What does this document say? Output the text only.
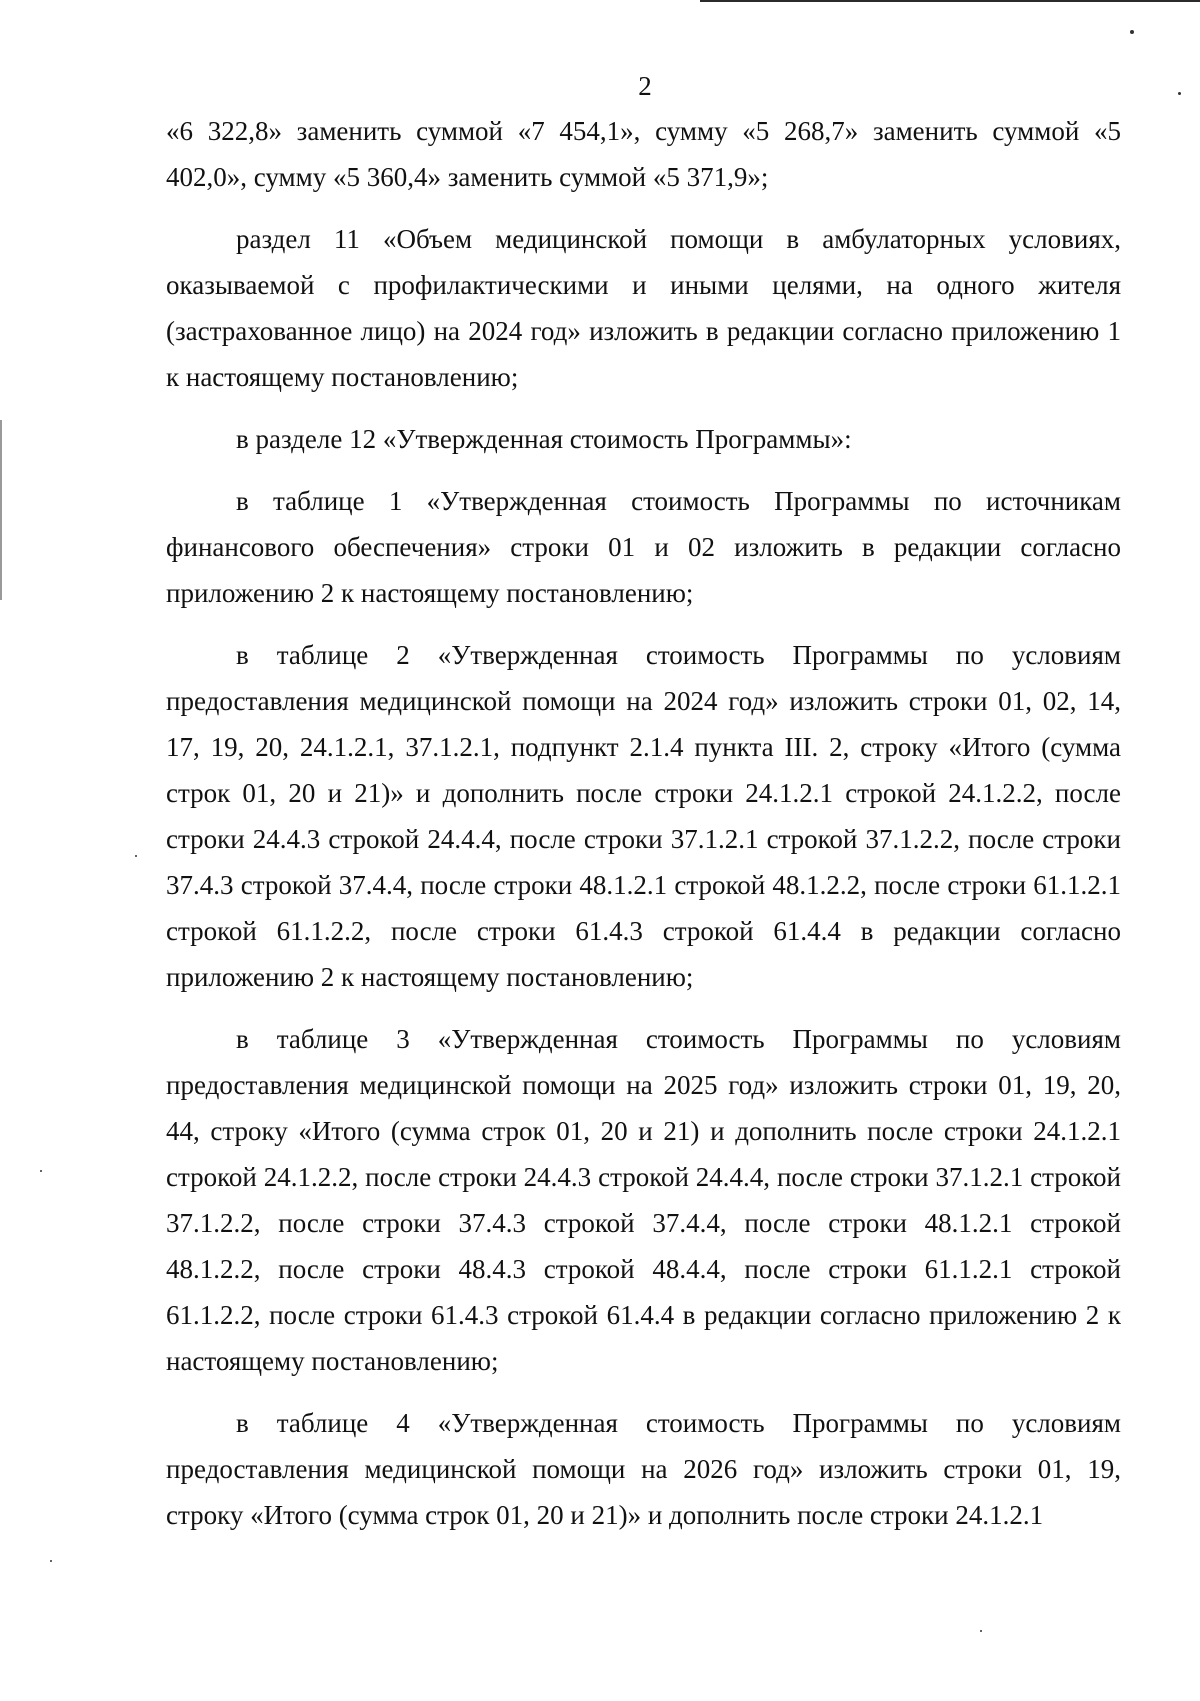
2

«6 322,8» заменить суммой «7 454,1», сумму «5 268,7» заменить суммой «5 402,0», сумму «5 360,4» заменить суммой «5 371,9»;

раздел 11 «Объем медицинской помощи в амбулаторных условиях, оказываемой с профилактическими и иными целями, на одного жителя (застрахованное лицо) на 2024 год» изложить в редакции согласно приложению 1 к настоящему постановлению;

в разделе 12 «Утвержденная стоимость Программы»:

в таблице 1 «Утвержденная стоимость Программы по источникам финансового обеспечения» строки 01 и 02 изложить в редакции согласно приложению 2 к настоящему постановлению;

в таблице 2 «Утвержденная стоимость Программы по условиям предоставления медицинской помощи на 2024 год» изложить строки 01, 02, 14, 17, 19, 20, 24.1.2.1, 37.1.2.1, подпункт 2.1.4 пункта III. 2, строку «Итого (сумма строк 01, 20 и 21)» и дополнить после строки 24.1.2.1 строкой 24.1.2.2, после строки 24.4.3 строкой 24.4.4, после строки 37.1.2.1 строкой 37.1.2.2, после строки 37.4.3 строкой 37.4.4, после строки 48.1.2.1 строкой 48.1.2.2, после строки 61.1.2.1 строкой 61.1.2.2, после строки 61.4.3 строкой 61.4.4 в редакции согласно приложению 2 к настоящему постановлению;

в таблице 3 «Утвержденная стоимость Программы по условиям предоставления медицинской помощи на 2025 год» изложить строки 01, 19, 20, 44, строку «Итого (сумма строк 01, 20 и 21) и дополнить после строки 24.1.2.1 строкой 24.1.2.2, после строки 24.4.3 строкой 24.4.4, после строки 37.1.2.1 строкой 37.1.2.2, после строки 37.4.3 строкой 37.4.4, после строки 48.1.2.1 строкой 48.1.2.2, после строки 48.4.3 строкой 48.4.4, после строки 61.1.2.1 строкой 61.1.2.2, после строки 61.4.3 строкой 61.4.4 в редакции согласно приложению 2 к настоящему постановлению;

в таблице 4 «Утвержденная стоимость Программы по условиям предоставления медицинской помощи на 2026 год» изложить строки 01, 19, строку «Итого (сумма строк 01, 20 и 21)» и дополнить после строки 24.1.2.1
